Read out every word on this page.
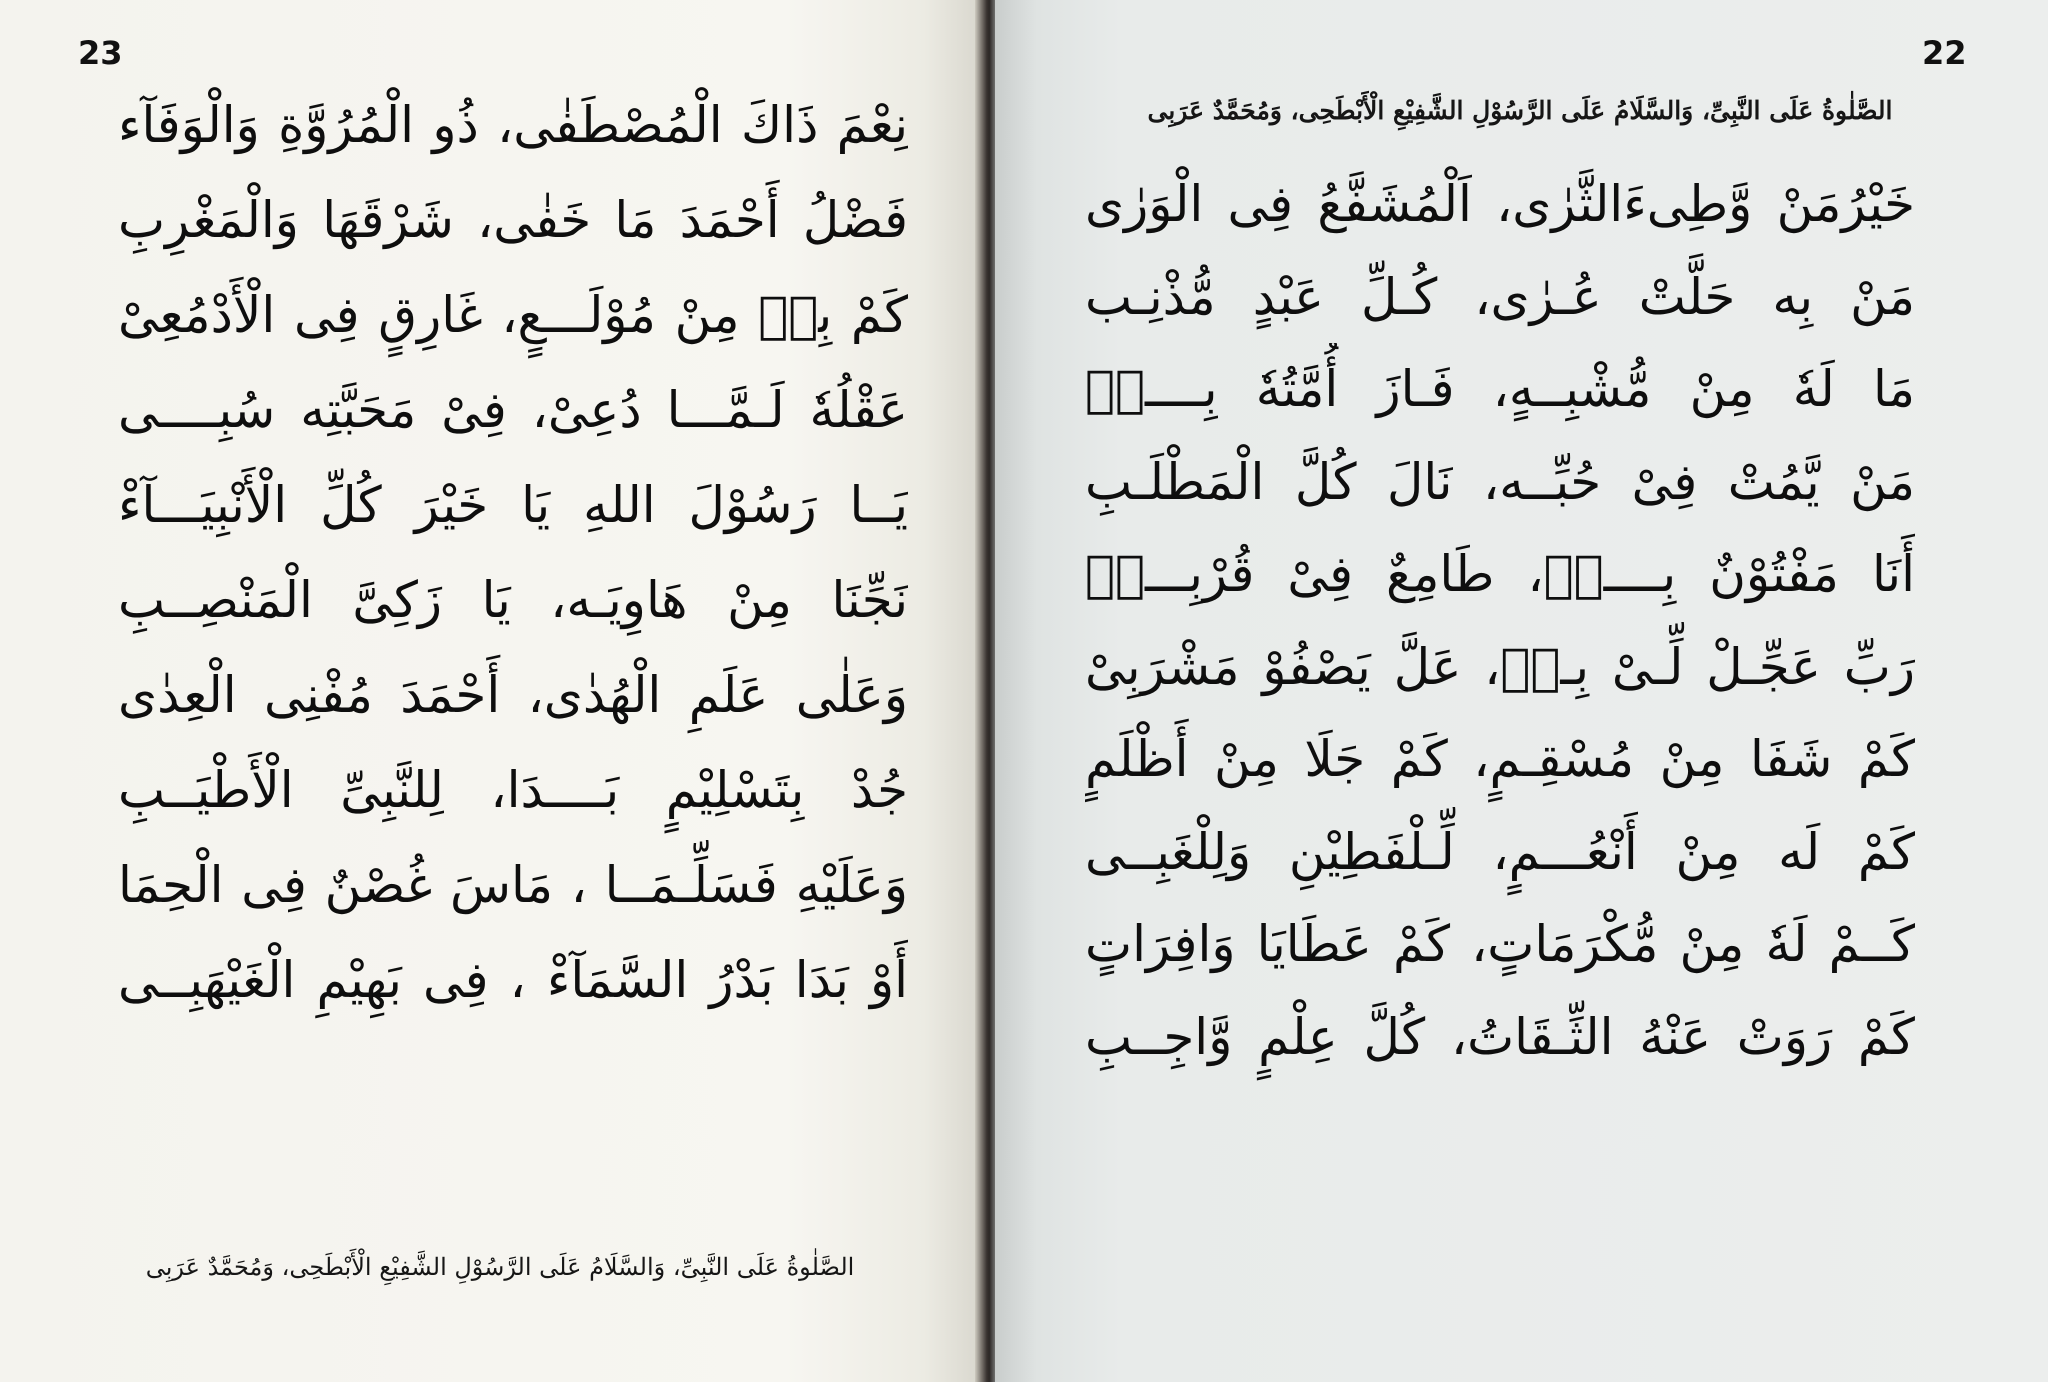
23
نِعْمَ ذَاكَ الْمُصْطَفٰى، ذُو الْمُرُوَّةِ وَالْوَفَآء
فَضْلُ أَحْمَدَ مَا خَفٰى، شَرْقَهَا وَالْمَغْرِبِ
كَمْ بِهٖ مِنْ مُوْلَـــعٍ، غَارِقٍ فِى الْأَدْمُعِىْ
عَقْلُهٗ لَـمَّـــا دُعِىْ، فِىْ مَحَبَّتِه سُبِــــى
يَــا رَسُوْلَ اللهِ يَا خَيْرَ كُلِّ الْأَنْبِيَـــآءْ
نَجِّنَا مِنْ هَاوِيَـه، يَا زَكِىَّ الْمَنْصِــبِ
وَعَلٰى عَلَمِ الْهُدٰى، أَحْمَدَ مُفْنِى الْعِدٰى
جُدْ بِتَسْلِيْمٍ بَــــدَا، لِلنَّبِىِّ الْأَطْيَــبِ
وَعَلَيْهِ فَسَلِّـمَــا ، مَاسَ غُصْنٌ فِى الْحِمَا
أَوْ بَدَا بَدْرُ السَّمَآءْ ، فِى بَهِيْمِ الْغَيْهَبِــى
الصَّلٰوةُ عَلَى النَّبِىِّ، وَالسَّلَامُ عَلَى الرَّسُوْلِ الشَّفِيْعِ الْأَبْطَحِى، وَمُحَمَّدٌ عَرَبِى
22
الصَّلٰوةُ عَلَى النَّبِىِّ، وَالسَّلَامُ عَلَى الرَّسُوْلِ الشَّفِيْعِ الْأَبْطَحِى، وَمُحَمَّدٌ عَرَبِى
خَيْرُمَنْ وَّطِىءَالثَّرٰى، اَلْمُشَفَّعُ فِى الْوَرٰى
مَنْ بِه حَلَّتْ عُـرٰى، كُـلِّ عَبْدٍ مُّذْنِـب
مَا لَهٗ مِنْ مُّشْبِــهٍ، فَـازَ أُمَّتُهٗ بِــــهٖ
مَنْ يَّمُتْ فِىْ حُبِّــه، نَالَ كُلَّ الْمَطْلَـبِ
أَنَا مَفْتُوْنٌ بِــــهٖ، طَامِعٌ فِىْ قُرْبِـــهٖ
رَبِّ عَجِّـلْ لِّـىْ بِـهٖ، عَلَّ يَصْفُوْ مَشْرَبِىْ
كَمْ شَفَا مِنْ مُسْقِـمٍ، كَمْ جَلَا مِنْ أَظْلَمٍ
كَمْ لَه مِنْ أَنْعُـــمٍ، لِّـلْفَطِيْنِ وَلِلْغَبِــى
كَــمْ لَهٗ مِنْ مُّكْرَمَاتٍ، كَمْ عَطَايَا وَافِرَاتٍ
كَمْ رَوَتْ عَنْهُ الثِّـقَاتُ، كُلَّ عِلْمٍ وَّاجِــبِ
